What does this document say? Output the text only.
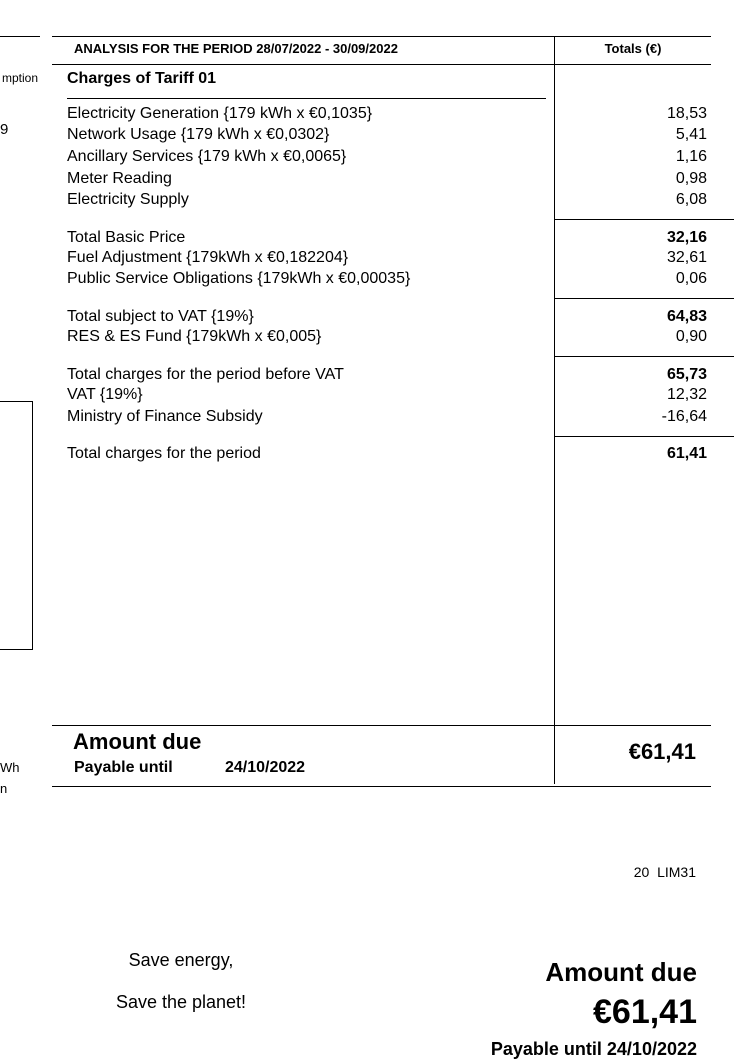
mption
9
Wh
n
ANALYSIS FOR THE PERIOD 28/07/2022 - 30/09/2022	Totals (€)
Charges of Tariff 01
Electricity Generation {179 kWh x €0,1035}	18,53
Network Usage {179 kWh x €0,0302}	5,41
Ancillary Services {179 kWh x €0,0065}	1,16
Meter Reading	0,98
Electricity Supply	6,08
Total Basic Price	32,16
Fuel Adjustment {179kWh x €0,182204}	32,61
Public Service Obligations {179kWh x €0,00035}	0,06
Total subject to VAT {19%}	64,83
RES & ES Fund {179kWh x €0,005}	0,90
Total charges for the period before VAT	65,73
VAT {19%}	12,32
Ministry of Finance Subsidy	-16,64
Total charges for the period	61,41
Amount due
Payable until	24/10/2022
€61,41
20  LIM31
Save energy,
Save the planet!
Amount due
€61,41
Payable until 24/10/2022
